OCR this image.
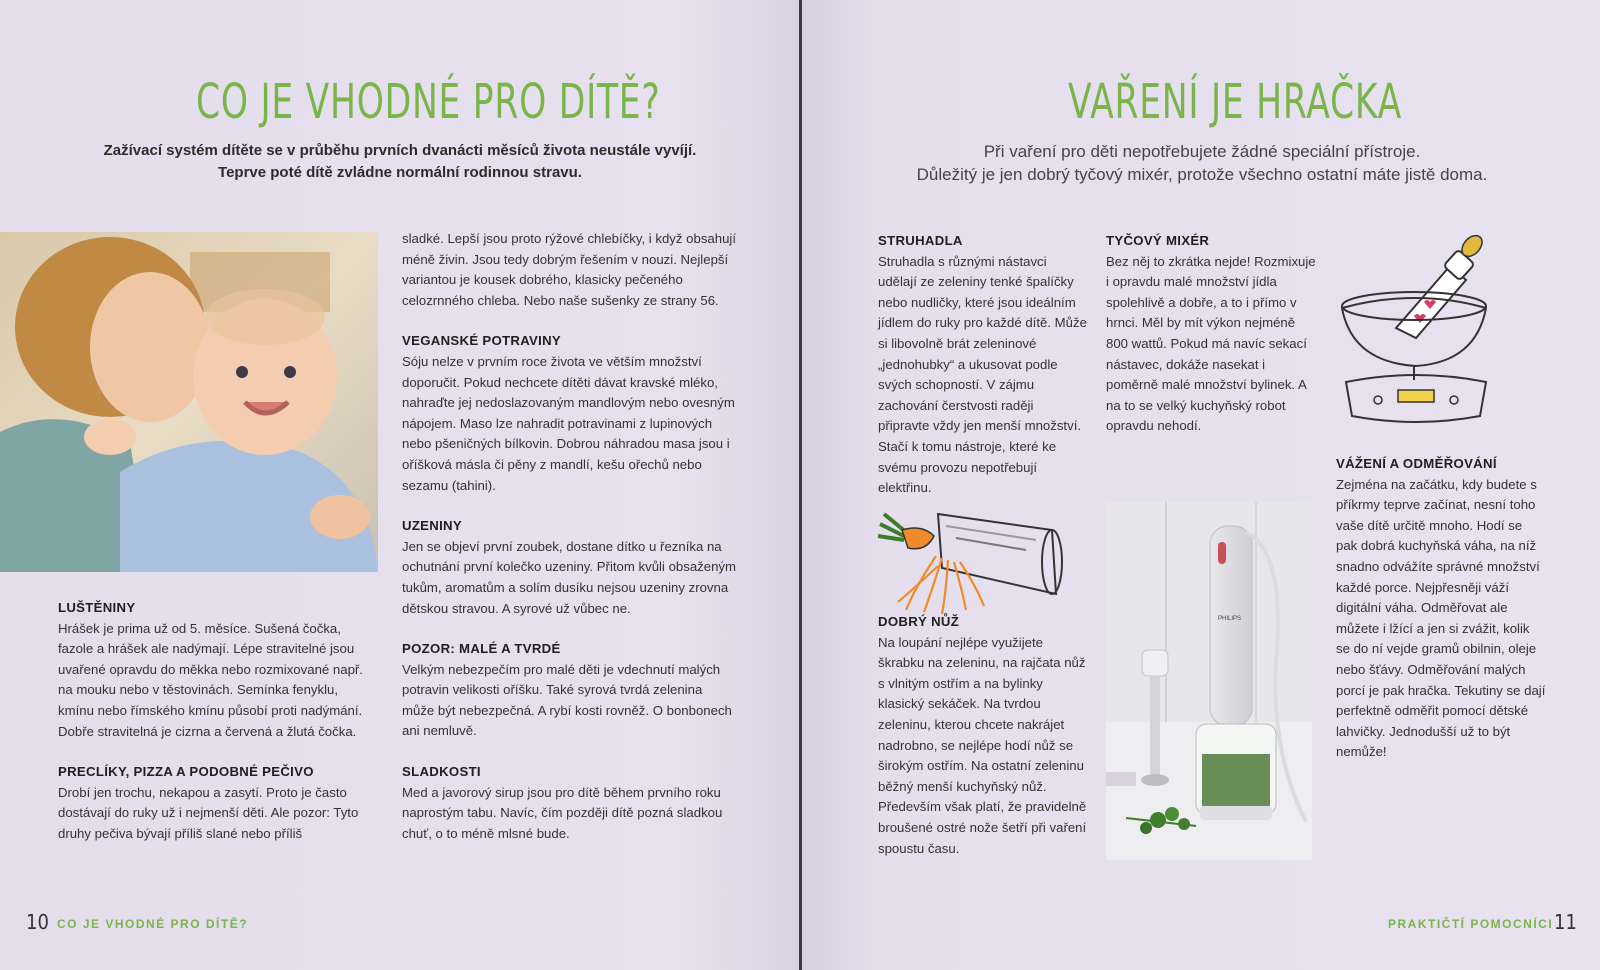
CO JE VHODNÉ PRO DÍTĚ?
Zažívací systém dítěte se v průběhu prvních dvanácti měsíců života neustále vyvíjí.
Teprve poté dítě zvládne normální rodinnou stravu.
LUŠTĚNINY

Hrášek je prima už od 5. měsíce. Sušená čočka, fazole a hrášek ale nadýmají. Lépe stravitelné jsou uvařené opravdu do měkka nebo rozmixované např. na mouku nebo v těstovinách. Semínka fenyklu, kmínu nebo římského kmínu působí proti nadýmání. Dobře stravitelná je cizrna a červená a žlutá čočka.

PRECLÍKY, PIZZA A PODOBNÉ PEČIVO

Drobí jen trochu, nekapou a zasytí. Proto je často dostávají do ruky už i nejmenší děti. Ale pozor: Tyto druhy pečiva bývají příliš slané nebo příliš

sladké. Lepší jsou proto rýžové chlebíčky, i když obsahují méně živin. Jsou tedy dobrým řešením v nouzi. Nejlepší variantou je kousek dobrého, klasicky pečeného celozrnného chleba. Nebo naše sušenky ze strany 56.

VEGANSKÉ POTRAVINY

Sóju nelze v prvním roce života ve větším množství doporučit. Pokud nechcete dítěti dávat kravské mléko, nahraďte jej nedoslazovaným mandlovým nebo ovesným nápojem. Maso lze nahradit potravinami z lupinových nebo pšeničných bílkovin. Dobrou náhradou masa jsou i oříšková másla či pěny z mandlí, kešu ořechů nebo sezamu (tahini).

UZENINY

Jen se objeví první zoubek, dostane dítko u řezníka na ochutnání první kolečko uzeniny. Přitom kvůli obsaženým tukům, aromatům a solím dusíku nejsou uzeniny zrovna dětskou stravou. A syrové už vůbec ne.

POZOR: MALÉ A TVRDÉ

Velkým nebezpečím pro malé děti je vdechnutí malých potravin velikosti oříšku. Také syrová tvrdá zelenina může být nebezpečná. A rybí kosti rovněž. O bonbonech ani nemluvě.

SLADKOSTI

Med a javorový sirup jsou pro dítě během prvního roku naprostým tabu. Navíc, čím později dítě pozná sladkou chuť, o to méně mlsné bude.

10 CO JE VHODNÉ PRO DÍTĚ?
VAŘENÍ JE HRAČKA
Při vaření pro děti nepotřebujete žádné speciální přístroje.
Důležitý je jen dobrý tyčový mixér, protože všechno ostatní máte jistě doma.
STRUHADLA

Struhadla s různými nástavci udělají ze zeleniny tenké špalíčky nebo nudličky, které jsou ideálním jídlem do ruky pro každé dítě. Může si libovolně brát zeleninové „jednohubky“ a ukusovat podle svých schopností. V zájmu zachování čerstvosti raději připravte vždy jen menší množství. Stačí k tomu nástroje, které ke svému provozu nepotřebují elektřinu.

DOBRÝ NŮŽ

Na loupání nejlépe využijete škrabku na zeleninu, na rajčata nůž s vlnitým ostřím a na bylinky klasický sekáček. Na tvrdou zeleninu, kterou chcete nakrájet nadrobno, se nejlépe hodí nůž se širokým ostřím. Na ostatní zeleninu běžný menší kuchyňský nůž. Především však platí, že pravidelně broušené ostré nože šetří při vaření spoustu času.

TYČOVÝ MIXÉR

Bez něj to zkrátka nejde! Rozmixuje i opravdu malé množství jídla spolehlivě a dobře, a to i přímo v hrnci. Měl by mít výkon nejméně 800 wattů. Pokud má navíc sekací nástavec, dokáže nasekat i poměrně malé množství bylinek. A na to se velký kuchyňský robot opravdu nehodí.

PHILIPS
VÁŽENÍ A ODMĚŘOVÁNÍ

Zejména na začátku, kdy budete s příkrmy teprve začínat, nesní toho vaše dítě určitě mnoho. Hodí se pak dobrá kuchyňská váha, na níž snadno odvážíte správné množství každé porce. Nejpřesněji váží digitální váha. Odměřovat ale můžete i lžící a jen si zvážit, kolik se do ní vejde gramů obilnin, oleje nebo šťávy. Odměřování malých porcí je pak hračka. Tekutiny se dají perfektně odměřit pomocí dětské lahvičky. Jednodušší už to být nemůže!

PRAKTIČTÍ POMOCNÍCI 11
